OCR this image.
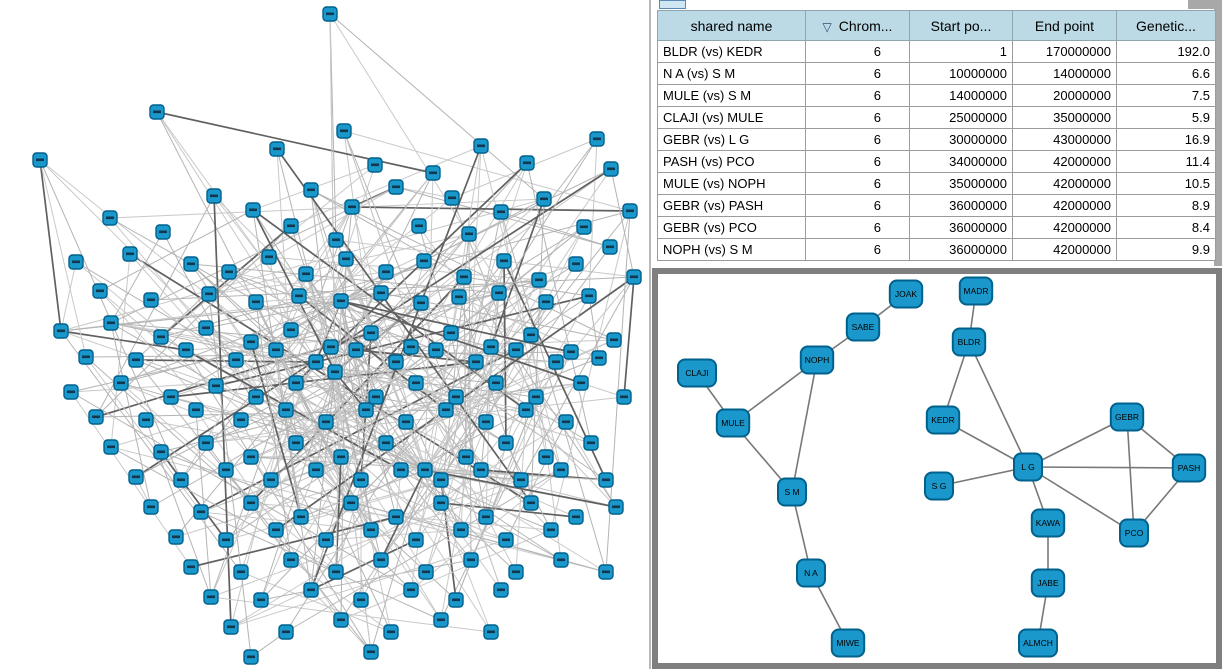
shared name	▽ Chrom...	Start po...	End point	Genetic...
BLDR (vs) KEDR	6	1	170000000	192.0
N A (vs) S M	6	10000000	14000000	6.6
MULE (vs) S M	6	14000000	20000000	7.5
CLAJI (vs) MULE	6	25000000	35000000	5.9
GEBR (vs) L G	6	30000000	43000000	16.9
PASH (vs) PCO	6	34000000	42000000	11.4
MULE (vs) NOPH	6	35000000	42000000	10.5
GEBR (vs) PASH	6	36000000	42000000	8.9
GEBR (vs) PCO	6	36000000	42000000	8.4
NOPH (vs) S M	6	36000000	42000000	9.9
JOAK
SABE
NOPH
CLAJI
MULE
MADR
BLDR
KEDR	GEBR
L G	PASH
S G
S M
KAWA
PCO
N A
JABE
MIWE	ALMCH
